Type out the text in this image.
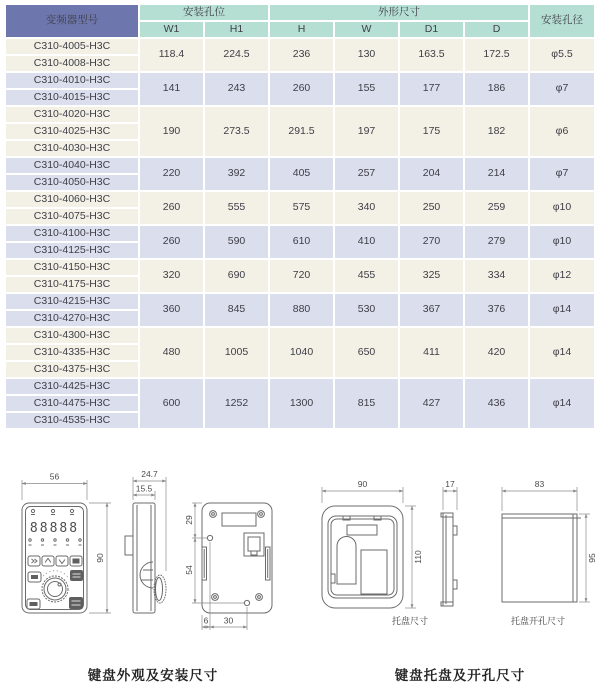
变频器型号	安装孔位		外形尺寸				安装孔径
	W1	H1	H	W	D1	D	
C310-4005-H3C	118.4	224.5	236	130	163.5	172.5	φ5.5
C310-4008-H3C							
C310-4010-H3C	141	243	260	155	177	186	φ7
C310-4015-H3C							
C310-4020-H3C	190	273.5	291.5	197	175	182	φ6
C310-4025-H3C							
C310-4030-H3C							
C310-4040-H3C	220	392	405	257	204	214	φ7
C310-4050-H3C							
C310-4060-H3C	260	555	575	340	250	259	φ10
C310-4075-H3C							
C310-4100-H3C	260	590	610	410	270	279	φ10
C310-4125-H3C							
C310-4150-H3C	320	690	720	455	325	334	φ12
C310-4175-H3C							
C310-4215-H3C	360	845	880	530	367	376	φ14
C310-4270-H3C							
C310-4300-H3C	480	1005	1040	650	411	420	φ14
C310-4335-H3C							
C310-4375-H3C							
C310-4425-H3C	600	1252	1300	815	427	436	φ14
C310-4475-H3C							
C310-4535-H3C							
88888
56
90
24.7
15.5
29
54
6 30
90
110
托盘尺寸
17	83
95
托盘开孔尺寸
键盘外观及安装尺寸	键盘托盘及开孔尺寸
